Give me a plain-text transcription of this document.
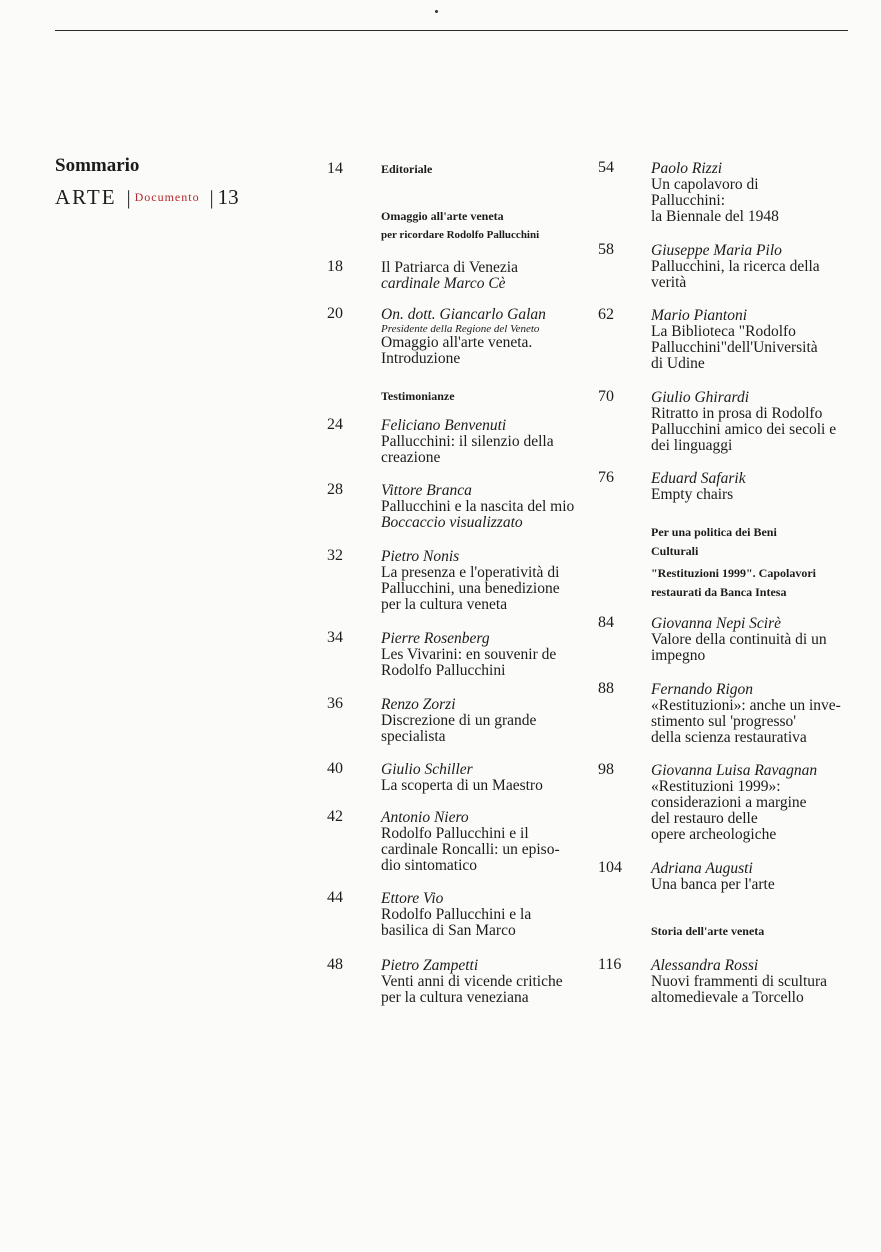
Sommario
ARTE | Documento | 13
14	Editoriale
Omaggio all'arte veneta
per ricordare Rodolfo Pallucchini
18 Il Patriarca di Venezia
cardinale Marco Cè
20 On. dott. Giancarlo Galan
Presidente della Regione del Veneto
Omaggio all'arte veneta.
Introduzione
Testimonianze
24 Feliciano Benvenuti
Pallucchini: il silenzio della
creazione
28 Vittore Branca
Pallucchini e la nascita del mio
Boccaccio visualizzato
32 Pietro Nonis
La presenza e l'operatività di
Pallucchini, una benedizione
per la cultura veneta
34 Pierre Rosenberg
Les Vivarini: en souvenir de
Rodolfo Pallucchini
36 Renzo Zorzi
Discrezione di un grande
specialista
40 Giulio Schiller
La scoperta di un Maestro
42 Antonio Niero
Rodolfo Pallucchini e il
cardinale Roncalli: un episo-
dio sintomatico
44 Ettore Vio
Rodolfo Pallucchini e la
basilica di San Marco
48 Pietro Zampetti
Venti anni di vicende critiche
per la cultura veneziana
54 Paolo Rizzi
Un capolavoro di
Pallucchini:
la Biennale del 1948
58 Giuseppe Maria Pilo
Pallucchini, la ricerca della
verità
62 Mario Piantoni
La Biblioteca "Rodolfo
Pallucchini"dell'Università
di Udine
70 Giulio Ghirardi
Ritratto in prosa di Rodolfo
Pallucchini amico dei secoli e
dei linguaggi
76 Eduard Safarik
Empty chairs
Per una politica dei Beni
Culturali
"Restituzioni 1999". Capolavori
restaurati da Banca Intesa
84 Giovanna Nepi Scirè
Valore della continuità di un
impegno
88 Fernando Rigon
«Restituzioni»: anche un inve-
stimento sul 'progresso'
della scienza restaurativa
98 Giovanna Luisa Ravagnan
«Restituzioni 1999»:
considerazioni a margine
del restauro delle
opere archeologiche
104 Adriana Augusti
Una banca per l'arte
Storia dell'arte veneta
116 Alessandra Rossi
Nuovi frammenti di scultura
altomedievale a Torcello
